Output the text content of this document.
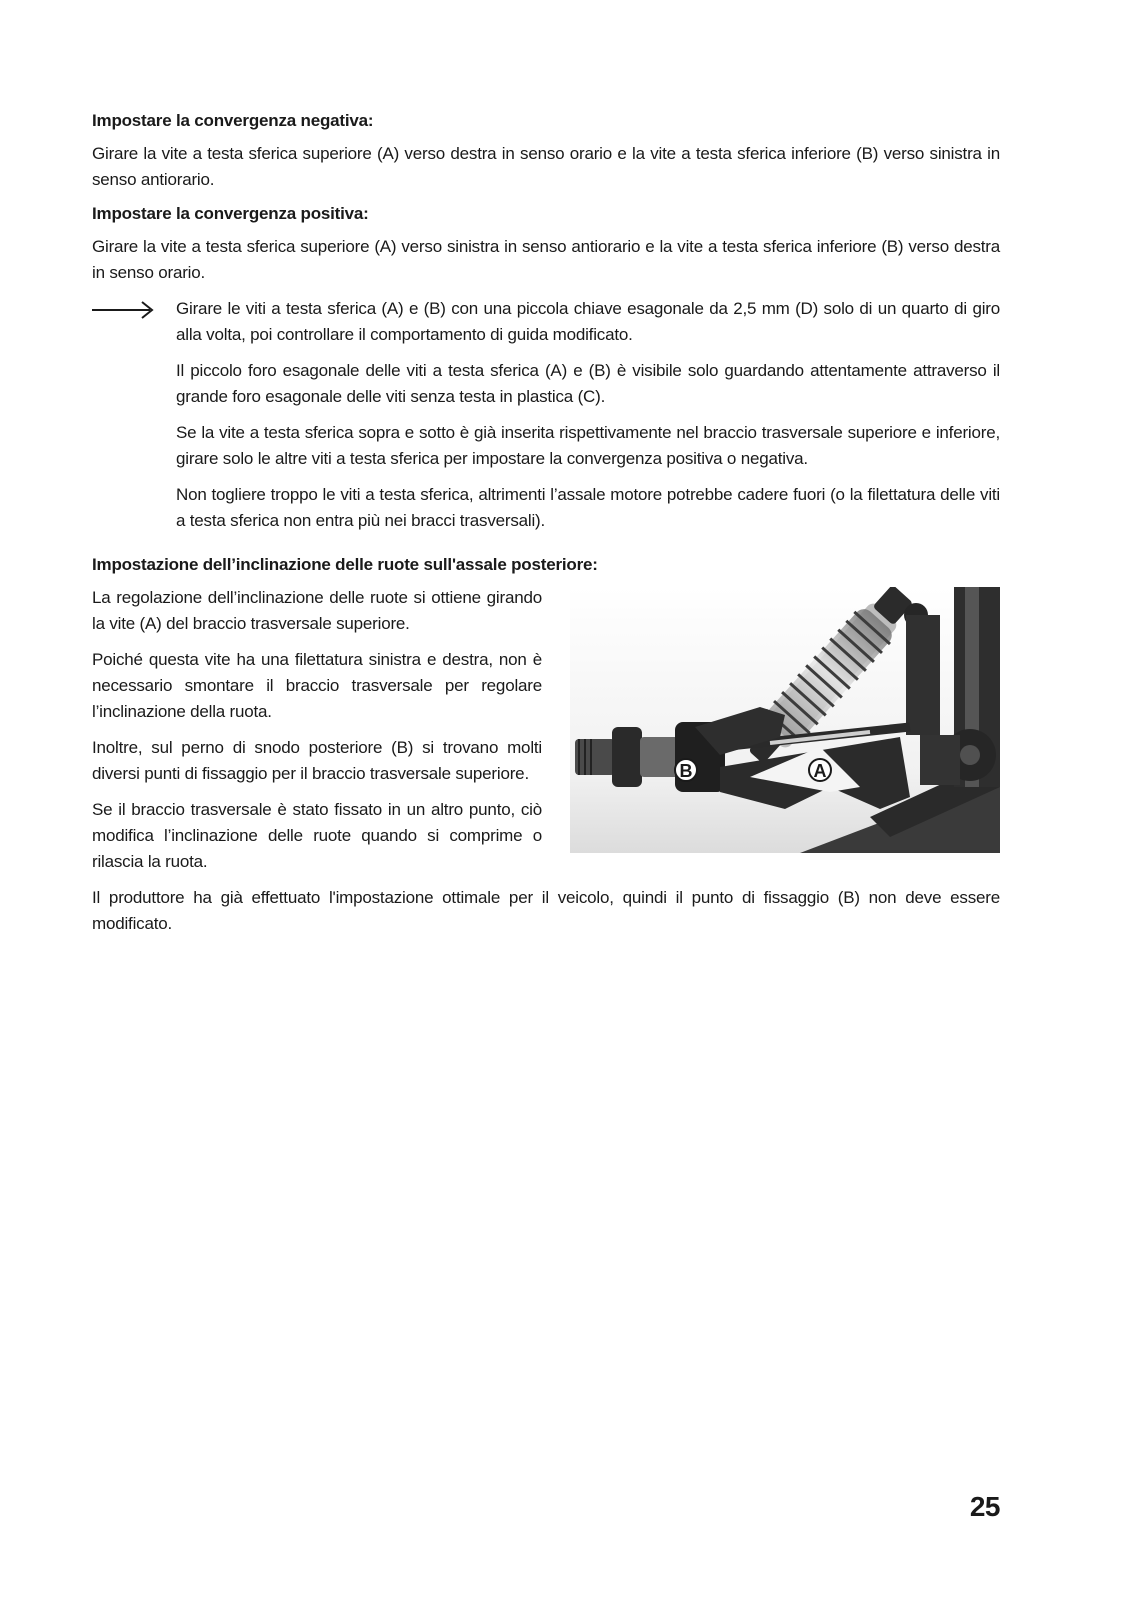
Impostare la convergenza negativa:

Girare la vite a testa sferica superiore (A) verso destra in senso orario e la vite a testa sferica inferiore (B) verso sinistra in senso antiorario.

Impostare la convergenza positiva:

Girare la vite a testa sferica superiore (A) verso sinistra in senso antiorario e la vite a testa sferica inferiore (B) verso destra in senso orario.

Girare le viti a testa sferica (A) e (B) con una piccola chiave esagonale da 2,5 mm (D) solo di un quarto di giro alla volta, poi controllare il comportamento di guida modificato.

Il piccolo foro esagonale delle viti a testa sferica (A) e (B) è visibile solo guardando attentamente attraverso il grande foro esagonale delle viti senza testa in plastica (C).

Se la vite a testa sferica sopra e sotto è già inserita rispettivamente nel braccio trasversale superiore e inferiore, girare solo le altre viti a testa sferica per impostare la convergenza positiva o negativa.

Non togliere troppo le viti a testa sferica, altrimenti l’assale motore potrebbe cadere fuori (o la filettatura delle viti a testa sferica non entra più nei bracci trasversali).

Impostazione dell’inclinazione delle ruote sull'assale posteriore:

La regolazione dell’inclinazione delle ruote si ottiene girando la vite (A) del braccio trasversale superiore.

Poiché questa vite ha una filettatura sinistra e destra, non è necessario smontare il braccio trasversale per regolare l’inclinazione della ruota.

Inoltre, sul perno di snodo posteriore (B) si trovano molti diversi punti di fissaggio per il braccio trasversale superiore.

Se il braccio trasversale è stato fissato in un altro punto, ciò modifica l’inclinazione delle ruote quando si comprime o rilascia la ruota.

B	A

Il produttore ha già effettuato l'impostazione ottimale per il veicolo, quindi il punto di fissaggio (B) non deve essere modificato.

25
